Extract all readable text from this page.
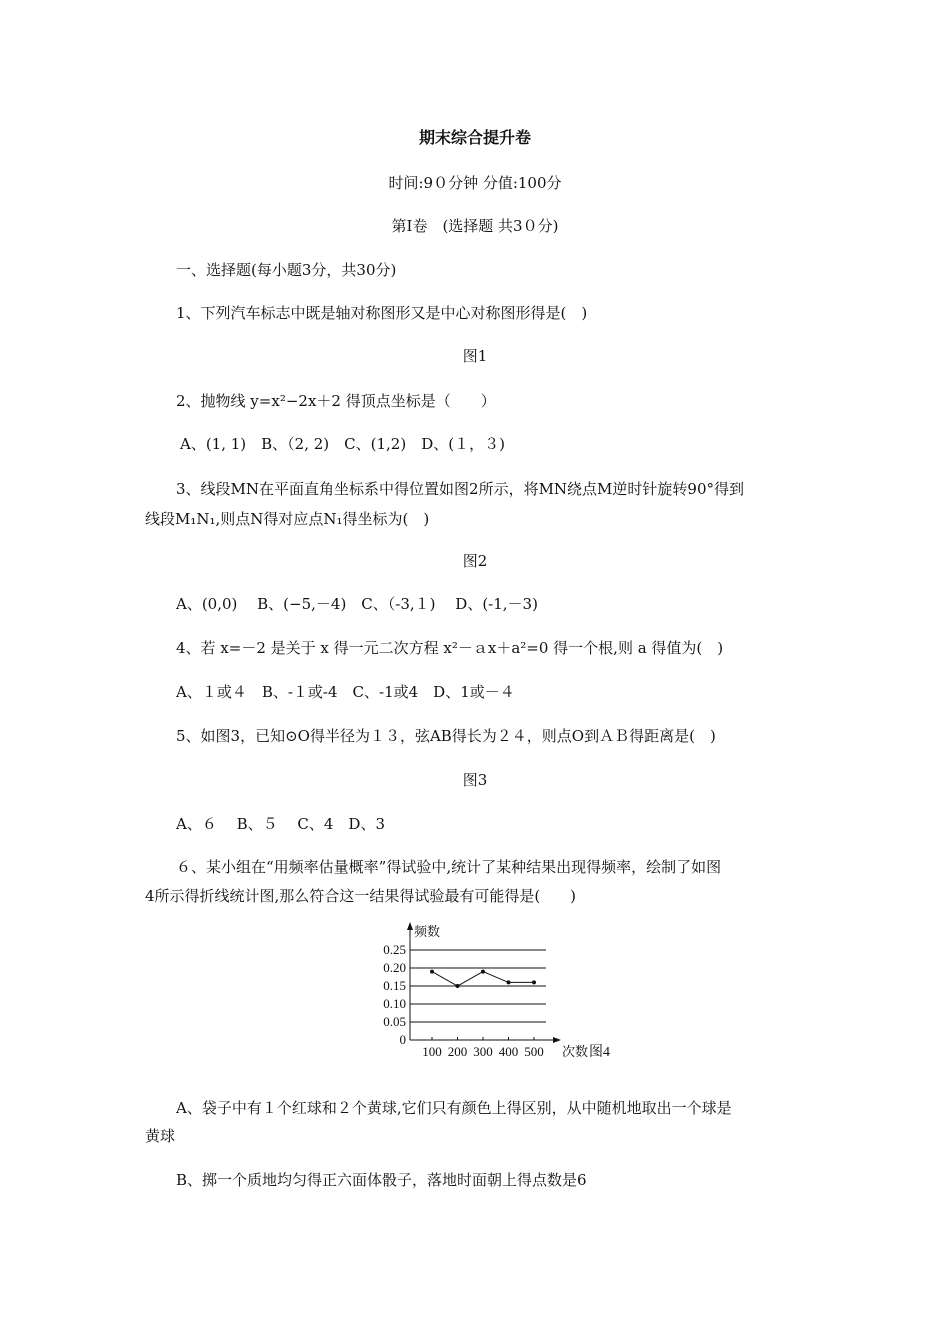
期末综合提升卷
时间:9０分钟 分值:100分
第Ⅰ卷　(选择题 共3０分)
一、选择题(每小题3分，共30分)
1、下列汽车标志中既是轴对称图形又是中心对称图形得是(　)
图1
2、抛物线 y=x²−2x＋2 得顶点坐标是（　　）
A、(1, 1)　B、（2, 2)　C、(1,2)　D、(１，３)
3、线段MN在平面直角坐标系中得位置如图2所示，将MN绕点M逆时针旋转90°得到
线段M₁N₁,则点N得对应点N₁得坐标为(　)
图2
A、(0,0)　 B、(−5,－4)　C、（-3,１)　 D、(-1,－3)
4、若 x=－2 是关于 x 得一元二次方程 x²－ａx＋a²=0 得一个根,则 a 得值为(　)
A、１或４　B、-１或-4　C、-1或4　D、1或－４
5、如图3，已知⊙O得半径为１３，弦AB得长为２４，则点O到ＡＢ得距离是(　)
图3
A、６　 B、５　 C、4　D、3
６、某小组在“用频率估量概率”得试验中,统计了某种结果出现得频率，绘制了如图
4所示得折线统计图,那么符合这一结果得试验最有可能得是(　　)
0
0.05
0.10
0.15
0.20
0.25
100 200 300 400 500
频数
次数 图4
A、袋子中有１个红球和２个黄球,它们只有颜色上得区别，从中随机地取出一个球是
黄球
B、掷一个质地均匀得正六面体骰子，落地时面朝上得点数是6
